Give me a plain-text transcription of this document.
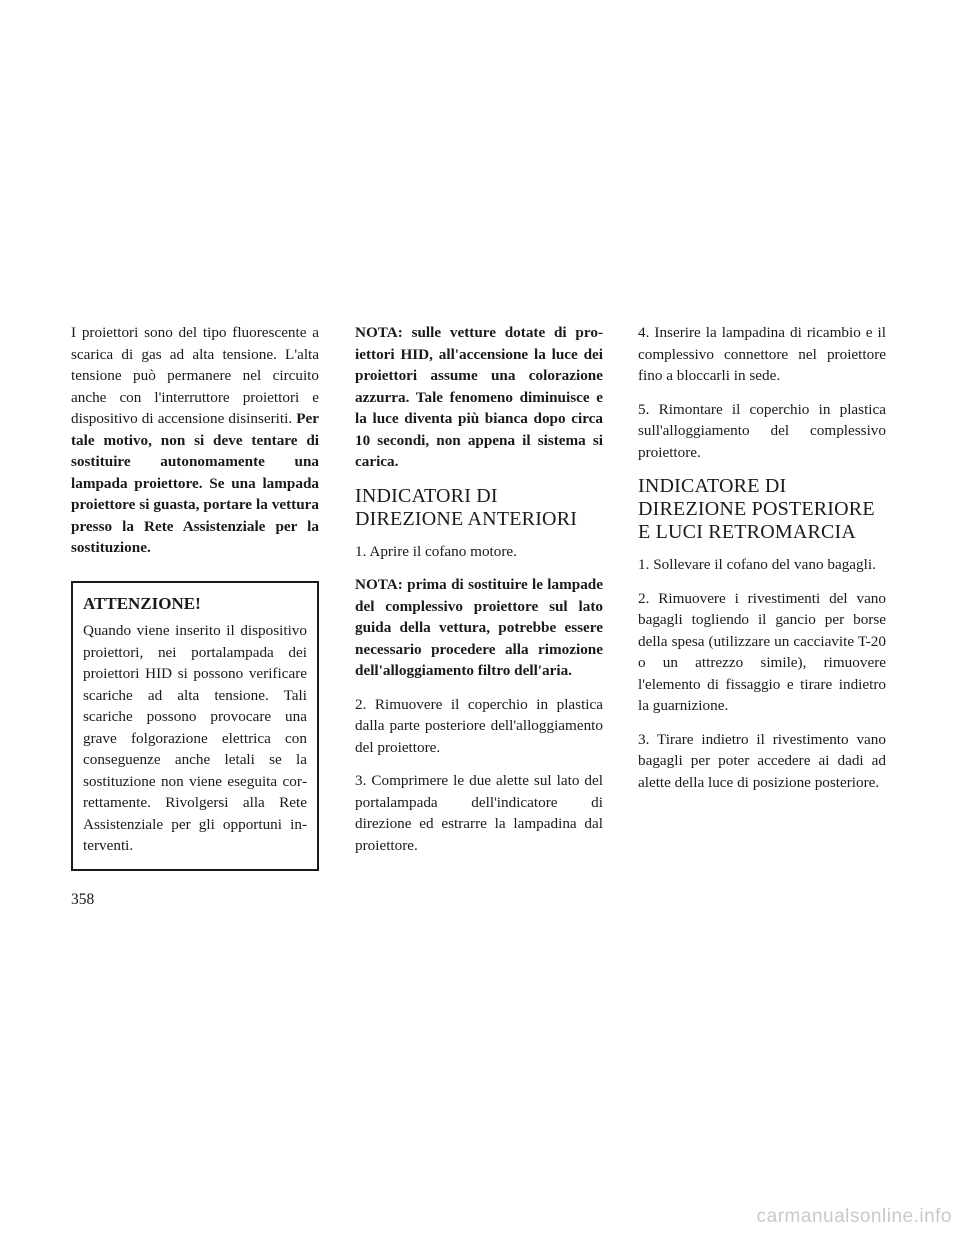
I proiettori sono del tipo fluorescente a scarica di gas ad alta tensione. L'alta tensione può permanere nel circuito anche con l'interruttore proiettori e dispositivo di accensione disinseriti. Per tale motivo, non si deve tentare di sostituire autonomamente una lampada proiettore. Se una lampada proiettore si guasta, portare la vettura presso la Rete Assistenziale per la sostituzione.

ATTENZIONE!

Quando viene inserito il dispositivo proiettori, nei portalampada dei proiettori HID si possono verificare scariche ad alta tensione. Tali scariche possono provocare una grave folgorazione elettrica con conseguenze anche letali se la sostituzione non viene eseguita correttamente. Rivolgersi alla Rete Assistenziale per gli opportuni interventi.

NOTA: sulle vetture dotate di proiettori HID, all'accensione la luce dei proiettori assume una colorazione azzurra. Tale fenomeno diminuisce e la luce diventa più bianca dopo circa 10 secondi, non appena il sistema si carica.

INDICATORI DI
DIREZIONE ANTERIORI

1. Aprire il cofano motore.

NOTA: prima di sostituire le lampade del complessivo proiettore sul lato guida della vettura, potrebbe essere necessario procedere alla rimozione dell'alloggiamento filtro dell'aria.

2. Rimuovere il coperchio in plastica dalla parte posteriore dell'alloggiamento del proiettore.

3. Comprimere le due alette sul lato del portalampada dell'indicatore di direzione ed estrarre la lampadina dal proiettore.

4. Inserire la lampadina di ricambio e il complessivo connettore nel proiettore fino a bloccarli in sede.

5. Rimontare il coperchio in plastica sull'alloggiamento del complessivo proiettore.

INDICATORE DI
DIREZIONE POSTERIORE
E LUCI RETROMARCIA

1. Sollevare il cofano del vano bagagli.

2. Rimuovere i rivestimenti del vano bagagli togliendo il gancio per borse della spesa (utilizzare un cacciavite T-20 o un attrezzo simile), rimuovere l'elemento di fissaggio e tirare indietro la guarnizione.

3. Tirare indietro il rivestimento vano bagagli per poter accedere ai dadi ad alette della luce di posizione posteriore.

358
carmanualsonline.info
